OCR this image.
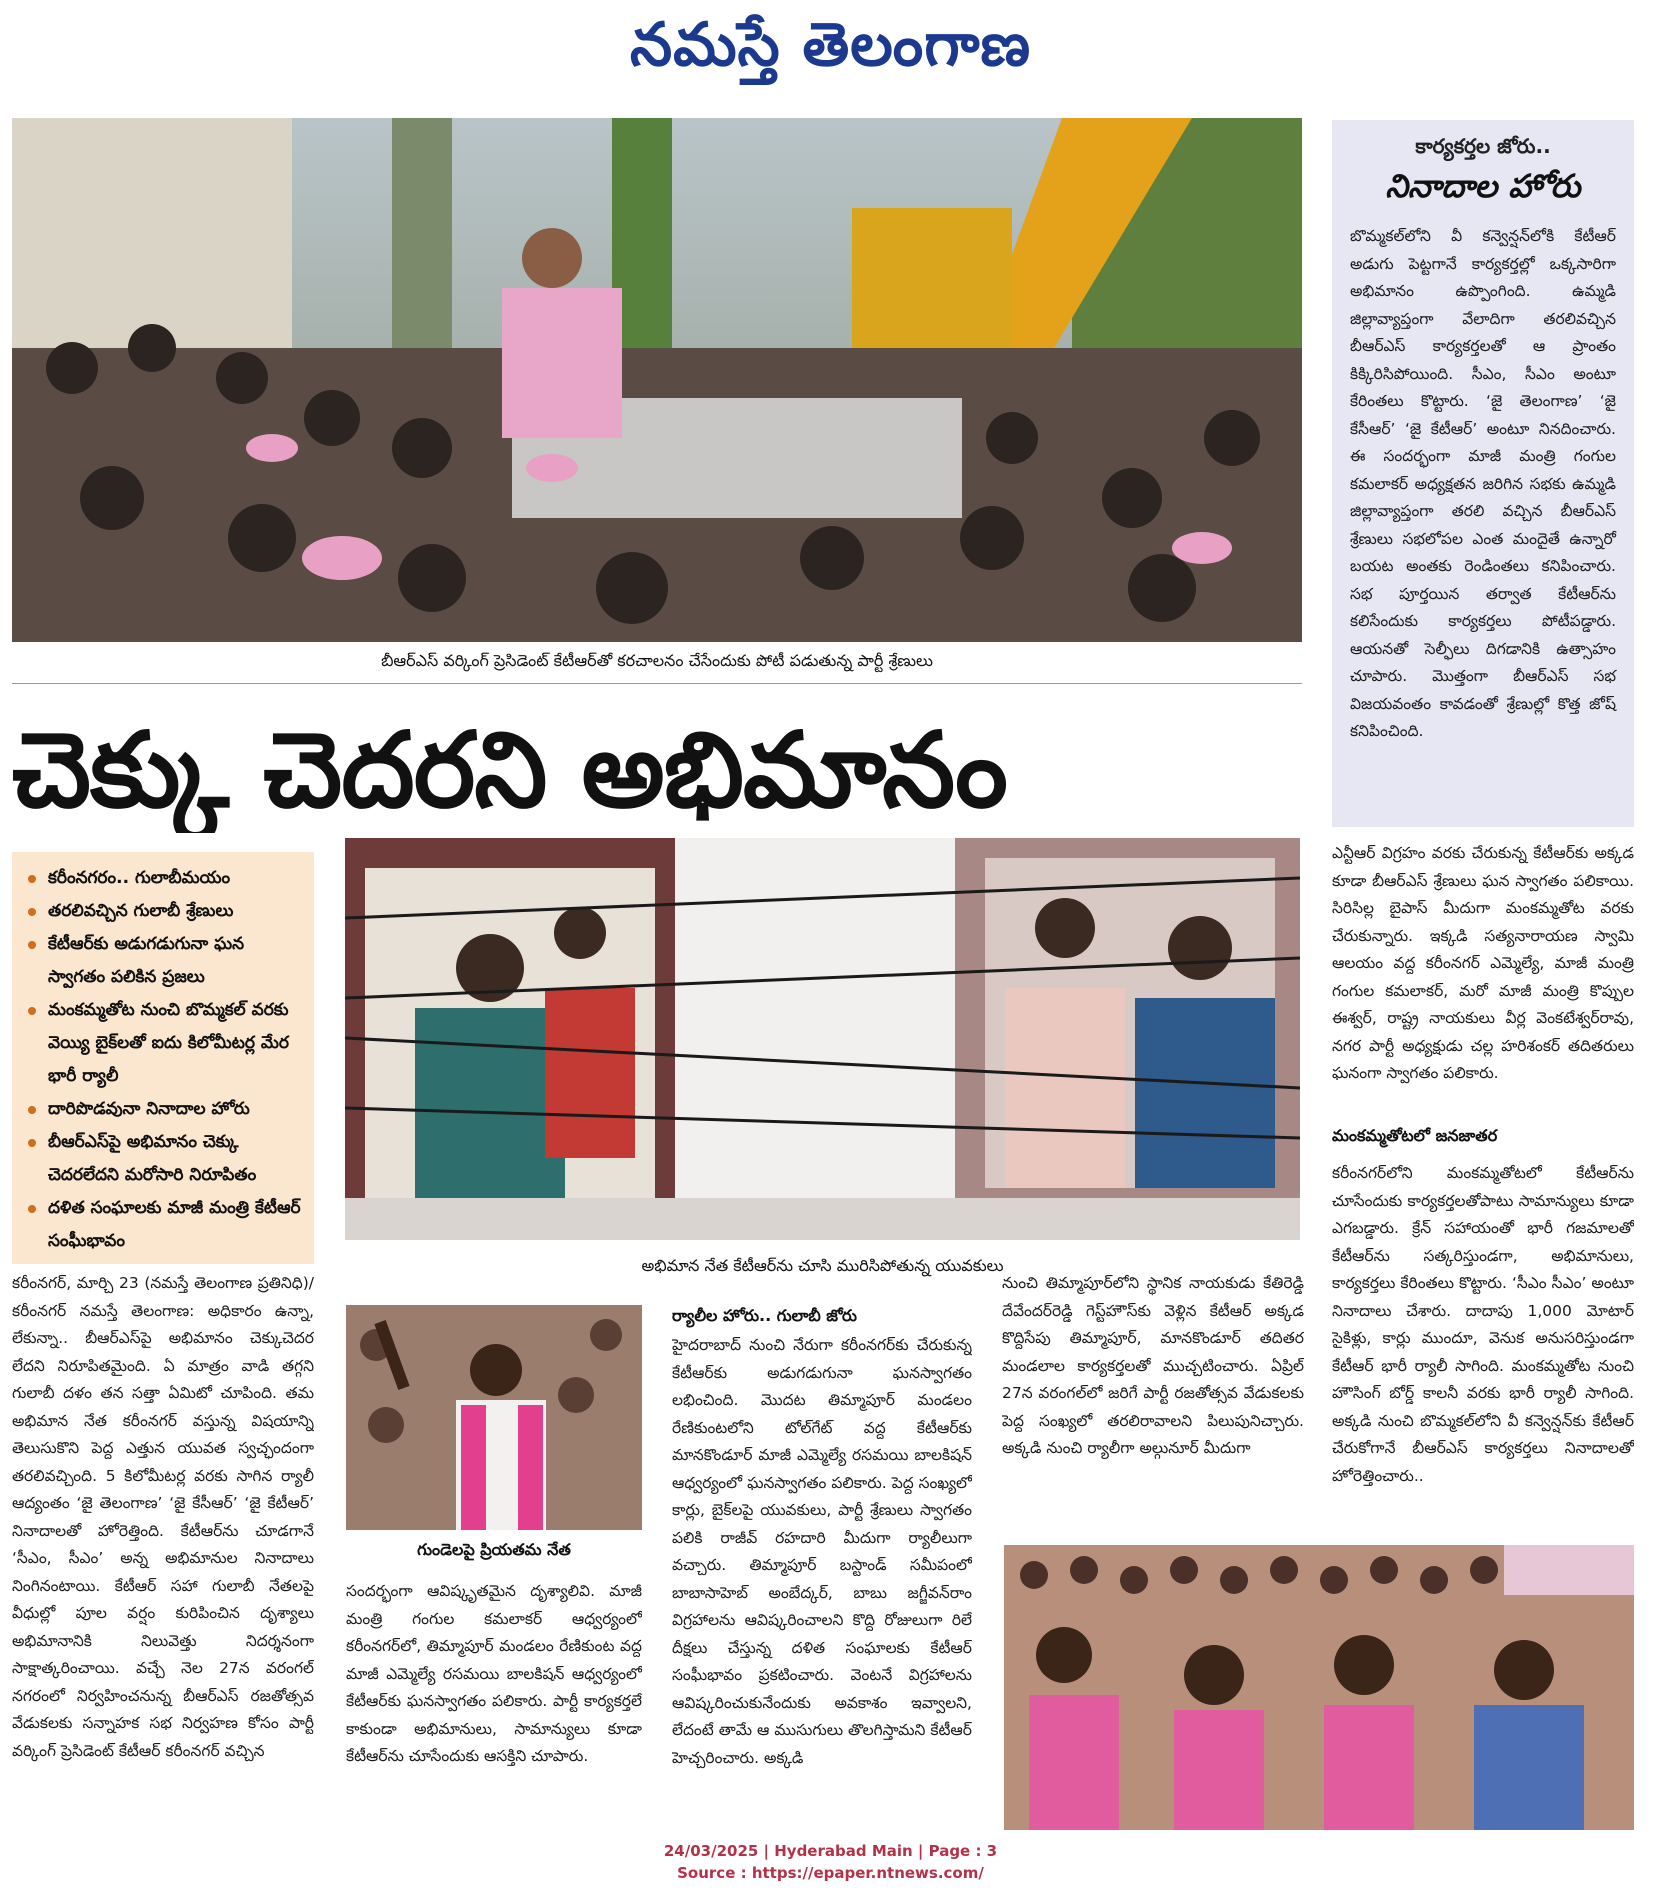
నమస్తే తెలంగాణ
బీఆర్ఎస్ వర్కింగ్ ప్రెసిడెంట్ కేటీఆర్‌తో కరచాలనం చేసేందుకు పోటీ పడుతున్న పార్టీ శ్రేణులు
చెక్కు చెదరని అభిమానం
కార్యకర్తల జోరు..
నినాదాల హోరు
బొమ్మకల్‌లోని వీ కన్వెన్షన్‌లోకి కేటీఆర్ అడుగు పెట్టగానే కార్యకర్తల్లో ఒక్కసారిగా అభిమానం ఉప్పొంగింది. ఉమ్మడి జిల్లావ్యాప్తంగా వేలాదిగా తరలివచ్చిన బీఆర్ఎస్ కార్యకర్తలతో ఆ ప్రాంతం కిక్కిరిసిపోయింది. సీఎం, సీఎం అంటూ కేరింతలు కొట్టారు. ‘జై తెలంగాణ’ ‘జై కేసీఆర్’ ‘జై కేటీఆర్’ అంటూ నినదించారు. ఈ సందర్భంగా మాజీ మంత్రి గంగుల కమలాకర్ అధ్యక్షతన జరిగిన సభకు ఉమ్మడి జిల్లావ్యాప్తంగా తరలి వచ్చిన బీఆర్ఎస్ శ్రేణులు సభలోపల ఎంత మందైతే ఉన్నారో బయట అంతకు రెండింతలు కనిపించారు. సభ పూర్తయిన తర్వాత కేటీఆర్‌ను కలిసేందుకు కార్యకర్తలు పోటీపడ్డారు. ఆయనతో సెల్ఫీలు దిగడానికి ఉత్సాహం చూపారు. మొత్తంగా బీఆర్ఎస్ సభ విజయవంతం కావడంతో శ్రేణుల్లో కొత్త జోష్ కనిపించింది.
కరీంనగరం.. గులాబీమయం
తరలివచ్చిన గులాబీ శ్రేణులు
కేటీఆర్‌కు అడుగడుగునా ఘన స్వాగతం పలికిన ప్రజలు
మంకమ్మతోట నుంచి బొమ్మకల్ వరకు వెయ్యి బైక్‌లతో ఐదు కిలోమీటర్ల మేర భారీ ర్యాలీ
దారిపొడవునా నినాదాల హోరు
బీఆర్ఎస్‌పై అభిమానం చెక్కు చెదరలేదని మరోసారి నిరూపితం
దళిత సంఘాలకు మాజీ మంత్రి కేటీఆర్ సంఘీభావం
అభిమాన నేత కేటీఆర్‌ను చూసి మురిసిపోతున్న యువకులు
కరీంనగర్, మార్చి 23 (నమస్తే తెలంగాణ ప్రతినిధి)/కరీంనగర్ నమస్తే తెలంగాణ: అధికారం ఉన్నా, లేకున్నా.. బీఆర్ఎస్‌పై అభిమానం చెక్కుచెదర లేదని నిరూపితమైంది. ఏ మాత్రం వాడి తగ్గని గులాబీ దళం తన సత్తా ఏమిటో చూపింది. తమ అభిమాన నేత కరీంనగర్ వస్తున్న విషయాన్ని తెలుసుకొని పెద్ద ఎత్తున యువత స్వచ్ఛందంగా తరలివచ్చింది. 5 కిలోమీటర్ల వరకు సాగిన ర్యాలీ ఆద్యంతం ‘జై తెలంగాణ’ ‘జై కేసీఆర్’ ‘జై కేటీఆర్’ నినాదాలతో హోరెత్తింది. కేటీఆర్‌ను చూడగానే ‘సీఎం, సీఎం’ అన్న అభిమానుల నినాదాలు నింగినంటాయి. కేటీఆర్ సహా గులాబీ నేతలపై వీధుల్లో పూల వర్షం కురిపించిన దృశ్యాలు అభిమానానికి నిలువెత్తు నిదర్శనంగా సాక్షాత్కరించాయి. వచ్చే నెల 27న వరంగల్ నగరంలో నిర్వహించనున్న బీఆర్ఎస్ రజతోత్సవ వేడుకలకు సన్నాహక సభ నిర్వహణ కోసం పార్టీ వర్కింగ్ ప్రెసిడెంట్ కేటీఆర్ కరీంనగర్ వచ్చిన
గుండెలపై ప్రియతమ నేత
సందర్భంగా ఆవిష్కృతమైన దృశ్యాలివి. మాజీ మంత్రి గంగుల కమలాకర్ ఆధ్వర్యంలో కరీంనగర్‌లో, తిమ్మాపూర్ మండలం రేణికుంట వద్ద మాజీ ఎమ్మెల్యే రసమయి బాలకిషన్ ఆధ్వర్యంలో కేటీఆర్‌కు ఘనస్వాగతం పలికారు. పార్టీ కార్యకర్తలే కాకుండా అభిమానులు, సామాన్యులు కూడా కేటీఆర్‌ను చూసేందుకు ఆసక్తిని చూపారు.
ర్యాలీల హోరు.. గులాబీ జోరు
హైదరాబాద్ నుంచి నేరుగా కరీంనగర్‌కు చేరుకున్న కేటీఆర్‌కు అడుగడుగునా ఘనస్వాగతం లభించింది. మొదట తిమ్మాపూర్ మండలం రేణికుంటలోని టోల్‌గేట్ వద్ద కేటీఆర్‌కు మానకొండూర్ మాజీ ఎమ్మెల్యే రసమయి బాలకిషన్ ఆధ్వర్యంలో ఘనస్వాగతం పలికారు. పెద్ద సంఖ్యలో కార్లు, బైక్‌లపై యువకులు, పార్టీ శ్రేణులు స్వాగతం పలికి రాజీవ్ రహదారి మీదుగా ర్యాలీలుగా వచ్చారు. తిమ్మాపూర్ బస్టాండ్ సమీపంలో బాబాసాహెబ్ అంబేద్కర్, బాబు జగ్జీవన్‌రాం విగ్రహాలను ఆవిష్కరించాలని కొద్ది రోజులుగా రిలే దీక్షలు చేస్తున్న దళిత సంఘాలకు కేటీఆర్ సంఘీభావం ప్రకటించారు. వెంటనే విగ్రహాలను ఆవిష్కరించుకునేందుకు అవకాశం ఇవ్వాలని, లేదంటే తామే ఆ ముసుగులు తొలగిస్తామని కేటీఆర్ హెచ్చరించారు. అక్కడి
నుంచి తిమ్మాపూర్‌లోని స్థానిక నాయకుడు కేతిరెడ్డి దేవేందర్‌రెడ్డి గెస్ట్‌హౌస్‌కు వెళ్లిన కేటీఆర్ అక్కడ కొద్దిసేపు తిమ్మాపూర్, మానకొండూర్ తదితర మండలాల కార్యకర్తలతో ముచ్చటించారు. ఏప్రిల్ 27న వరంగల్‌లో జరిగే పార్టీ రజతోత్సవ వేడుకలకు పెద్ద సంఖ్యలో తరలిరావాలని పిలుపునిచ్చారు. అక్కడి నుంచి ర్యాలీగా అల్గునూర్ మీదుగా
ఎన్టీఆర్ విగ్రహం వరకు చేరుకున్న కేటీఆర్‌కు అక్కడ కూడా బీఆర్ఎస్ శ్రేణులు ఘన స్వాగతం పలికాయి. సిరిసిల్ల బైపాస్ మీదుగా మంకమ్మతోట వరకు చేరుకున్నారు. ఇక్కడి సత్యనారాయణ స్వామి ఆలయం వద్ద కరీంనగర్ ఎమ్మెల్యే, మాజీ మంత్రి గంగుల కమలాకర్, మరో మాజీ మంత్రి కొప్పుల ఈశ్వర్, రాష్ట్ర నాయకులు వీర్ల వెంకటేశ్వర్‌రావు, నగర పార్టీ అధ్యక్షుడు చల్ల హరిశంకర్ తదితరులు ఘనంగా స్వాగతం పలికారు.
మంకమ్మతోటలో జనజాతర
కరీంనగర్‌లోని మంకమ్మతోటలో కేటీఆర్‌ను చూసేందుకు కార్యకర్తలతోపాటు సామాన్యులు కూడా ఎగబడ్డారు. క్రేన్ సహాయంతో భారీ గజమాలతో కేటీఆర్‌ను సత్కరిస్తుండగా, అభిమానులు, కార్యకర్తలు కేరింతలు కొట్టారు. ‘సీఎం సీఎం’ అంటూ నినాదాలు చేశారు. దాదాపు 1,000 మోటార్ సైకిళ్లు, కార్లు ముందూ, వెనుక అనుసరిస్తుండగా కేటీఆర్ భారీ ర్యాలీ సాగింది. మంకమ్మతోట నుంచి హౌసింగ్ బోర్డ్ కాలనీ వరకు భారీ ర్యాలీ సాగింది. అక్కడి నుంచి బొమ్మకల్‌లోని వీ కన్వెన్షన్‌కు కేటీఆర్ చేరుకోగానే బీఆర్ఎస్ కార్యకర్తలు నినాదాలతో హోరెత్తించారు..
24/03/2025 | Hyderabad Main | Page : 3
Source : https://epaper.ntnews.com/
